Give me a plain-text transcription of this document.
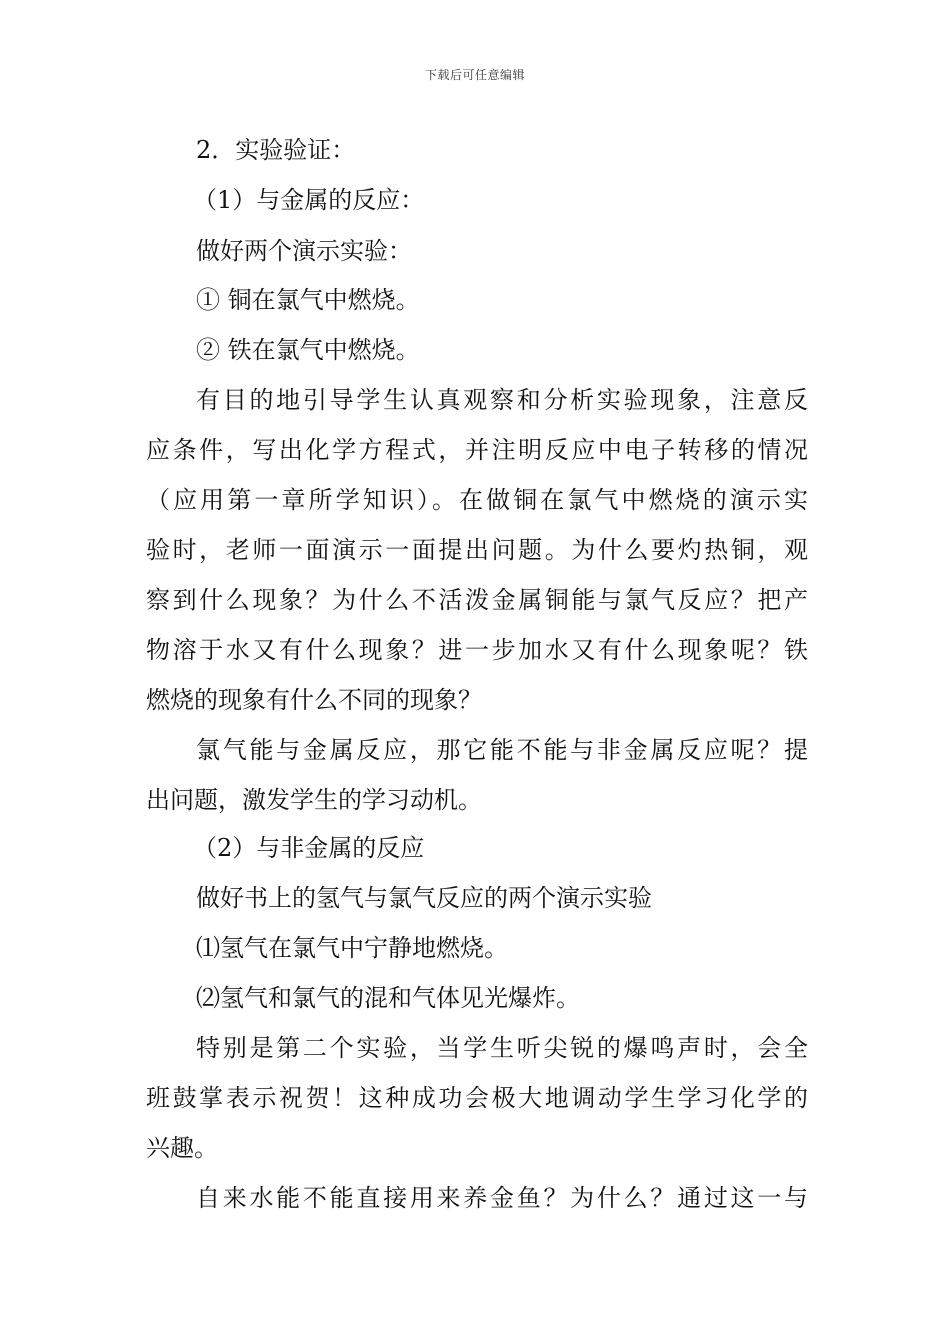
下载后可任意编辑
2．实验验证：
（1）与金属的反应：
做好两个演示实验：
① 铜在氯气中燃烧。
② 铁在氯气中燃烧。
有目的地引导学生认真观察和分析实验现象，注意反
应条件，写出化学方程式，并注明反应中电子转移的情况
（应用第一章所学知识）。在做铜在氯气中燃烧的演示实
验时，老师一面演示一面提出问题。为什么要灼热铜，观
察到什么现象？为什么不活泼金属铜能与氯气反应？把产
物溶于水又有什么现象？进一步加水又有什么现象呢？铁
燃烧的现象有什么不同的现象？
氯气能与金属反应，那它能不能与非金属反应呢？提
出问题，激发学生的学习动机。
（2）与非金属的反应
做好书上的氢气与氯气反应的两个演示实验
⑴氢气在氯气中宁静地燃烧。
⑵氢气和氯气的混和气体见光爆炸。
特别是第二个实验，当学生听尖锐的爆鸣声时，会全
班鼓掌表示祝贺！这种成功会极大地调动学生学习化学的
兴趣。
自来水能不能直接用来养金鱼？为什么？通过这一与
